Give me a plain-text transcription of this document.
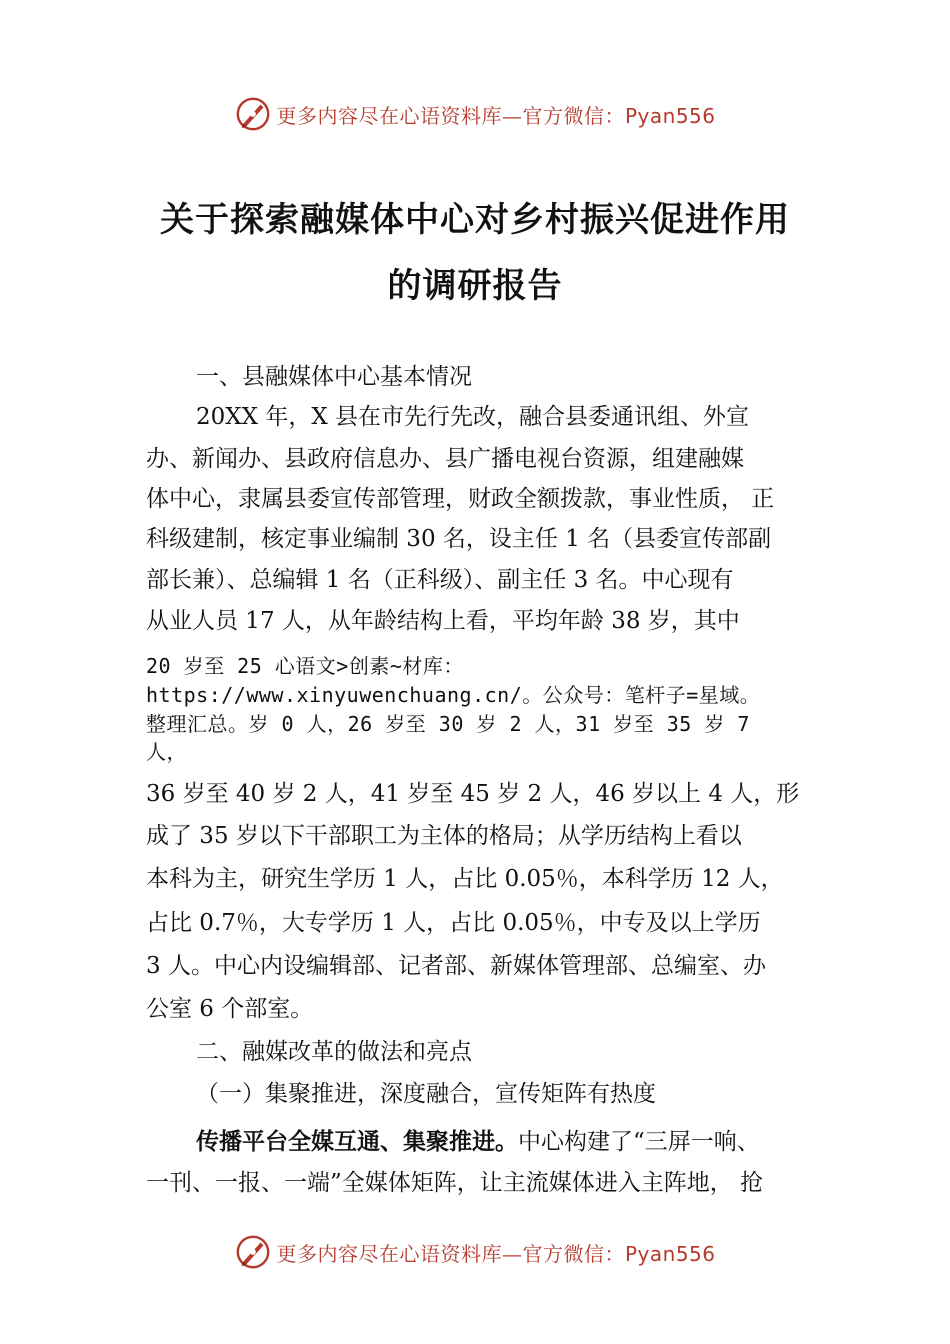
更多内容尽在心语资料库—官方微信：Pyan556
关于探索融媒体中心对乡村振兴促进作用
的调研报告
一、县融媒体中心基本情况
20XX 年，X 县在市先行先改，融合县委通讯组、外宣
办、新闻办、县政府信息办、县广播电视台资源，组建融媒
体中心，隶属县委宣传部管理，财政全额拨款，事业性质， 正
科级建制，核定事业编制 30 名，设主任 1 名（县委宣传部副
部长兼）、总编辑 1 名（正科级）、副主任 3 名。中心现有
从业人员 17 人，从年龄结构上看，平均年龄 38 岁，其中
20 岁至 25 心语文>创素~材库：
https://www.xinyuwenchuang.cn/。公众号：笔杆子=星域。
整理汇总。岁 0 人，26 岁至 30 岁 2 人，31 岁至 35 岁 7
人，
36 岁至 40 岁 2 人，41 岁至 45 岁 2 人，46 岁以上 4 人，形
成了 35 岁以下干部职工为主体的格局；从学历结构上看以
本科为主，研究生学历 1 人，占比 0.05％，本科学历 12 人，
占比 0.7％，大专学历 1 人，占比 0.05％，中专及以上学历
3 人。中心内设编辑部、记者部、新媒体管理部、总编室、办
公室 6 个部室。
二、融媒改革的做法和亮点
（一）集聚推进，深度融合，宣传矩阵有热度
传播平台全媒互通、集聚推进。中心构建了“三屏一响、
一刊、一报、一端”全媒体矩阵，让主流媒体进入主阵地， 抢
更多内容尽在心语资料库—官方微信：Pyan556
